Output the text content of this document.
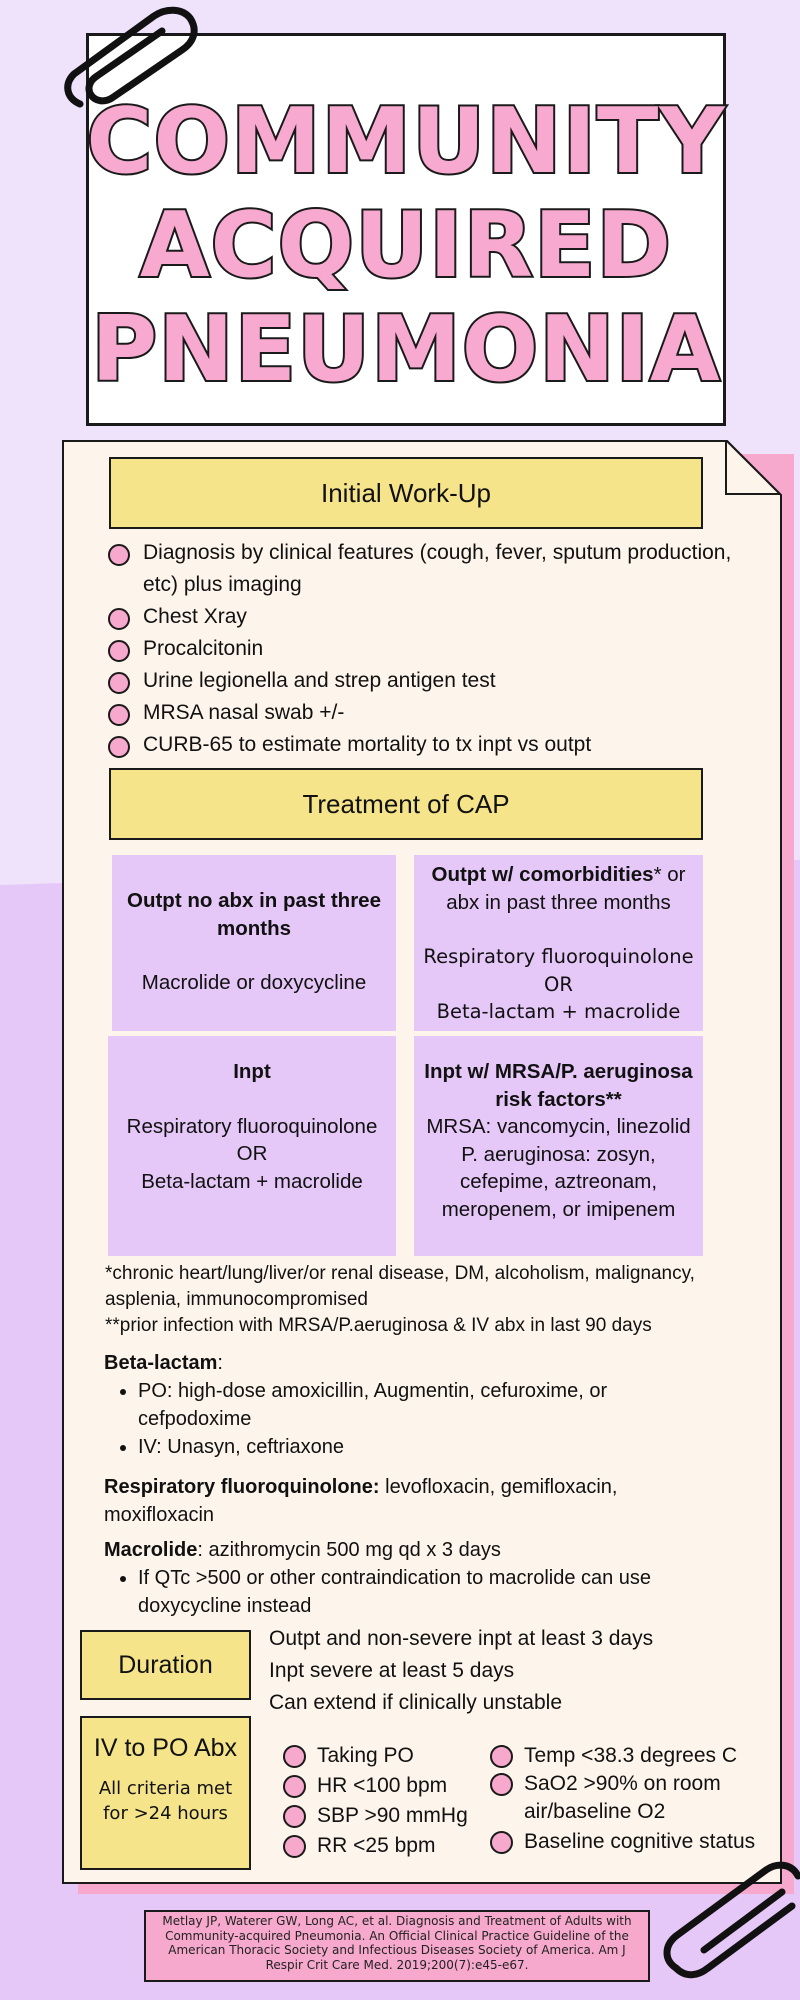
COMMUNITY
ACQUIRED
PNEUMONIA
Initial Work-Up
Diagnosis by clinical features (cough, fever, sputum production, etc) plus imaging
Chest Xray
Procalcitonin
Urine legionella and strep antigen test
MRSA nasal swab +/-
CURB-65 to estimate mortality to tx inpt vs outpt
Treatment of CAP
Outpt no abx in past three months
Macrolide or doxycycline
Outpt w/ comorbidities* or abx in past three months
Respiratory fluoroquinolone
OR
Beta-lactam + macrolide
Inpt
Respiratory fluoroquinolone
OR
Beta-lactam + macrolide
Inpt w/ MRSA/P. aeruginosa risk factors**
MRSA: vancomycin, linezolid
P. aeruginosa: zosyn, cefepime, aztreonam, meropenem, or imipenem
*chronic heart/lung/liver/or renal disease, DM, alcoholism, malignancy, asplenia, immunocompromised
**prior infection with MRSA/P.aeruginosa & IV abx in last 90 days
Beta-lactam:
• PO: high-dose amoxicillin, Augmentin, cefuroxime, or cefpodoxime
• IV: Unasyn, ceftriaxone
Respiratory fluoroquinolone: levofloxacin, gemifloxacin, moxifloxacin
Macrolide: azithromycin 500 mg qd x 3 days
• If QTc >500 or other contraindication to macrolide can use doxycycline instead
Duration
Outpt and non-severe inpt at least 3 days
Inpt severe at least 5 days
Can extend if clinically unstable
IV to PO Abx
All criteria met for >24 hours
Taking PO
HR <100 bpm
SBP >90 mmHg
RR <25 bpm
Temp <38.3 degrees C
SaO2 >90% on room air/baseline O2
Baseline cognitive status
Metlay JP, Waterer GW, Long AC, et al. Diagnosis and Treatment of Adults with Community-acquired Pneumonia. An Official Clinical Practice Guideline of the American Thoracic Society and Infectious Diseases Society of America. Am J Respir Crit Care Med. 2019;200(7):e45-e67.
